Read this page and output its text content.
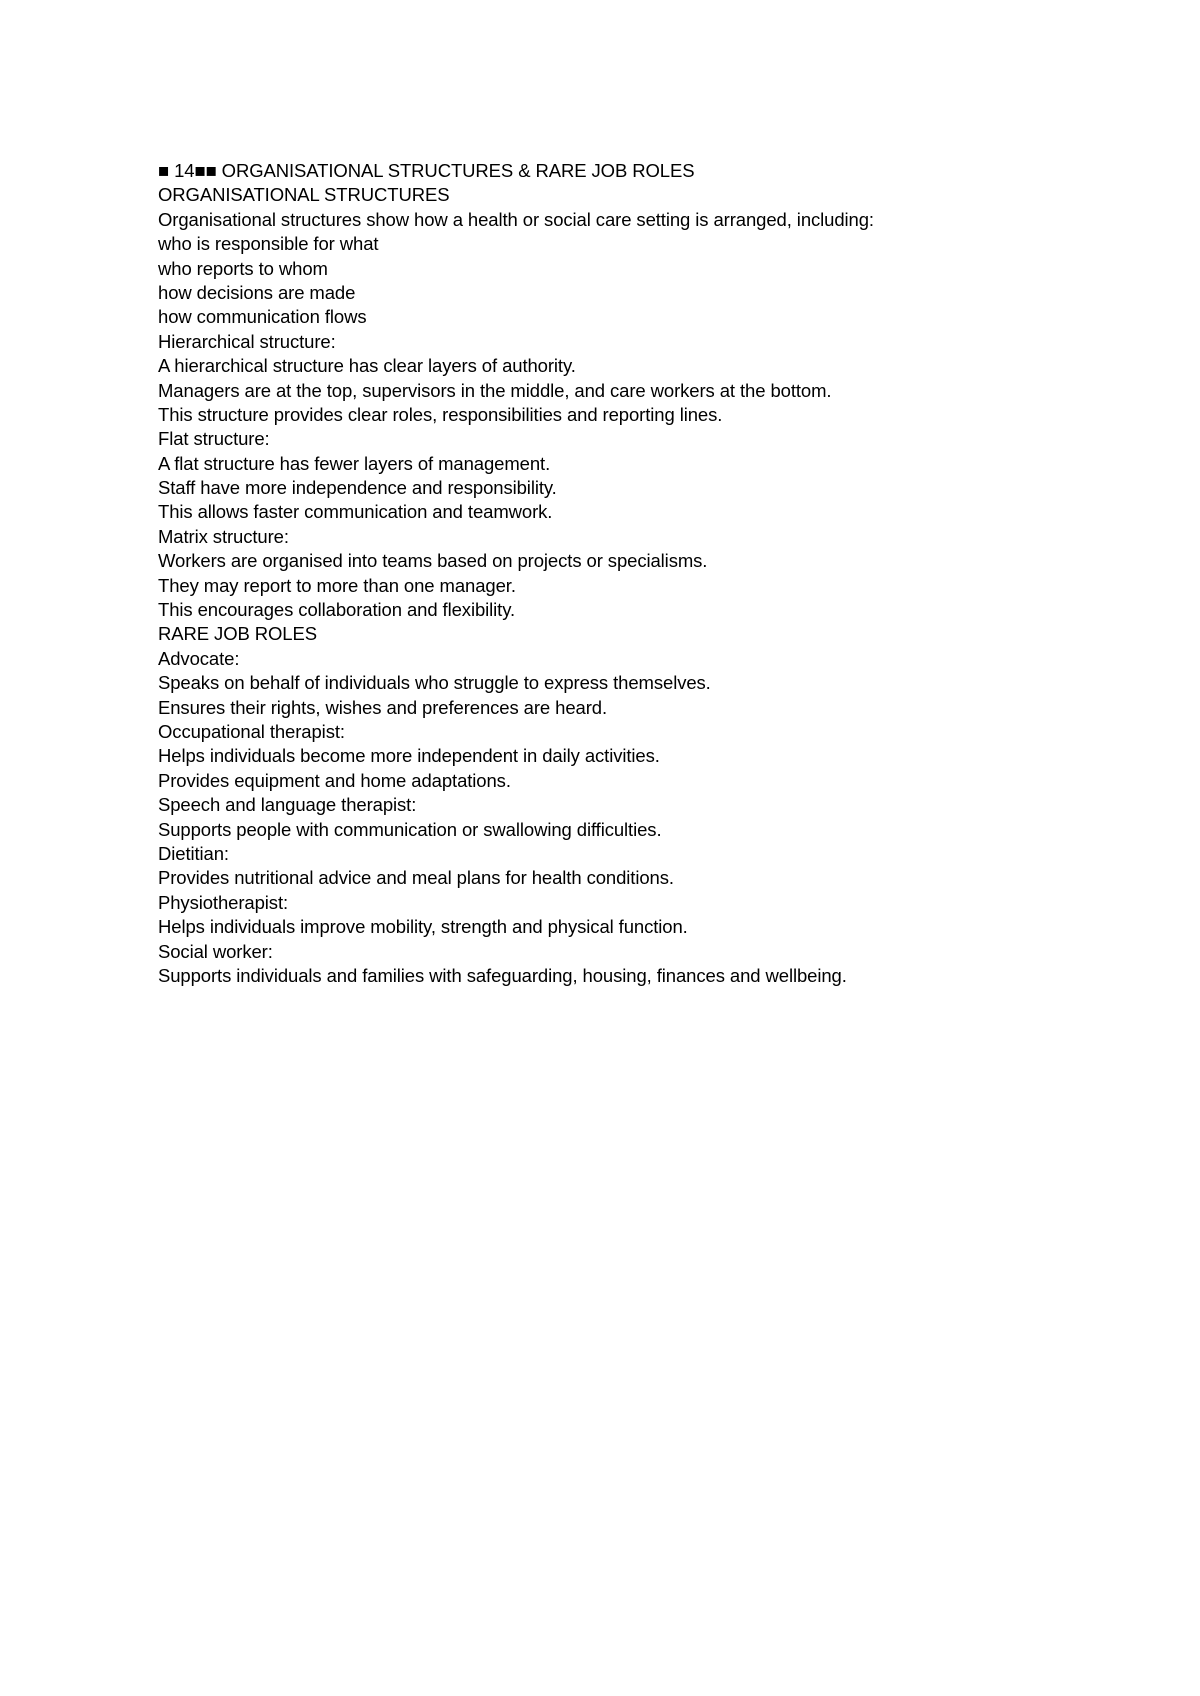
■ 14■■ ORGANISATIONAL STRUCTURES & RARE JOB ROLES
ORGANISATIONAL STRUCTURES
Organisational structures show how a health or social care setting is arranged, including:
who is responsible for what
who reports to whom
how decisions are made
how communication flows
Hierarchical structure:
A hierarchical structure has clear layers of authority.
Managers are at the top, supervisors in the middle, and care workers at the bottom.
This structure provides clear roles, responsibilities and reporting lines.
Flat structure:
A flat structure has fewer layers of management.
Staff have more independence and responsibility.
This allows faster communication and teamwork.
Matrix structure:
Workers are organised into teams based on projects or specialisms.
They may report to more than one manager.
This encourages collaboration and flexibility.
RARE JOB ROLES
Advocate:
Speaks on behalf of individuals who struggle to express themselves.
Ensures their rights, wishes and preferences are heard.
Occupational therapist:
Helps individuals become more independent in daily activities.
Provides equipment and home adaptations.
Speech and language therapist:
Supports people with communication or swallowing difficulties.
Dietitian:
Provides nutritional advice and meal plans for health conditions.
Physiotherapist:
Helps individuals improve mobility, strength and physical function.
Social worker:
Supports individuals and families with safeguarding, housing, finances and wellbeing.
